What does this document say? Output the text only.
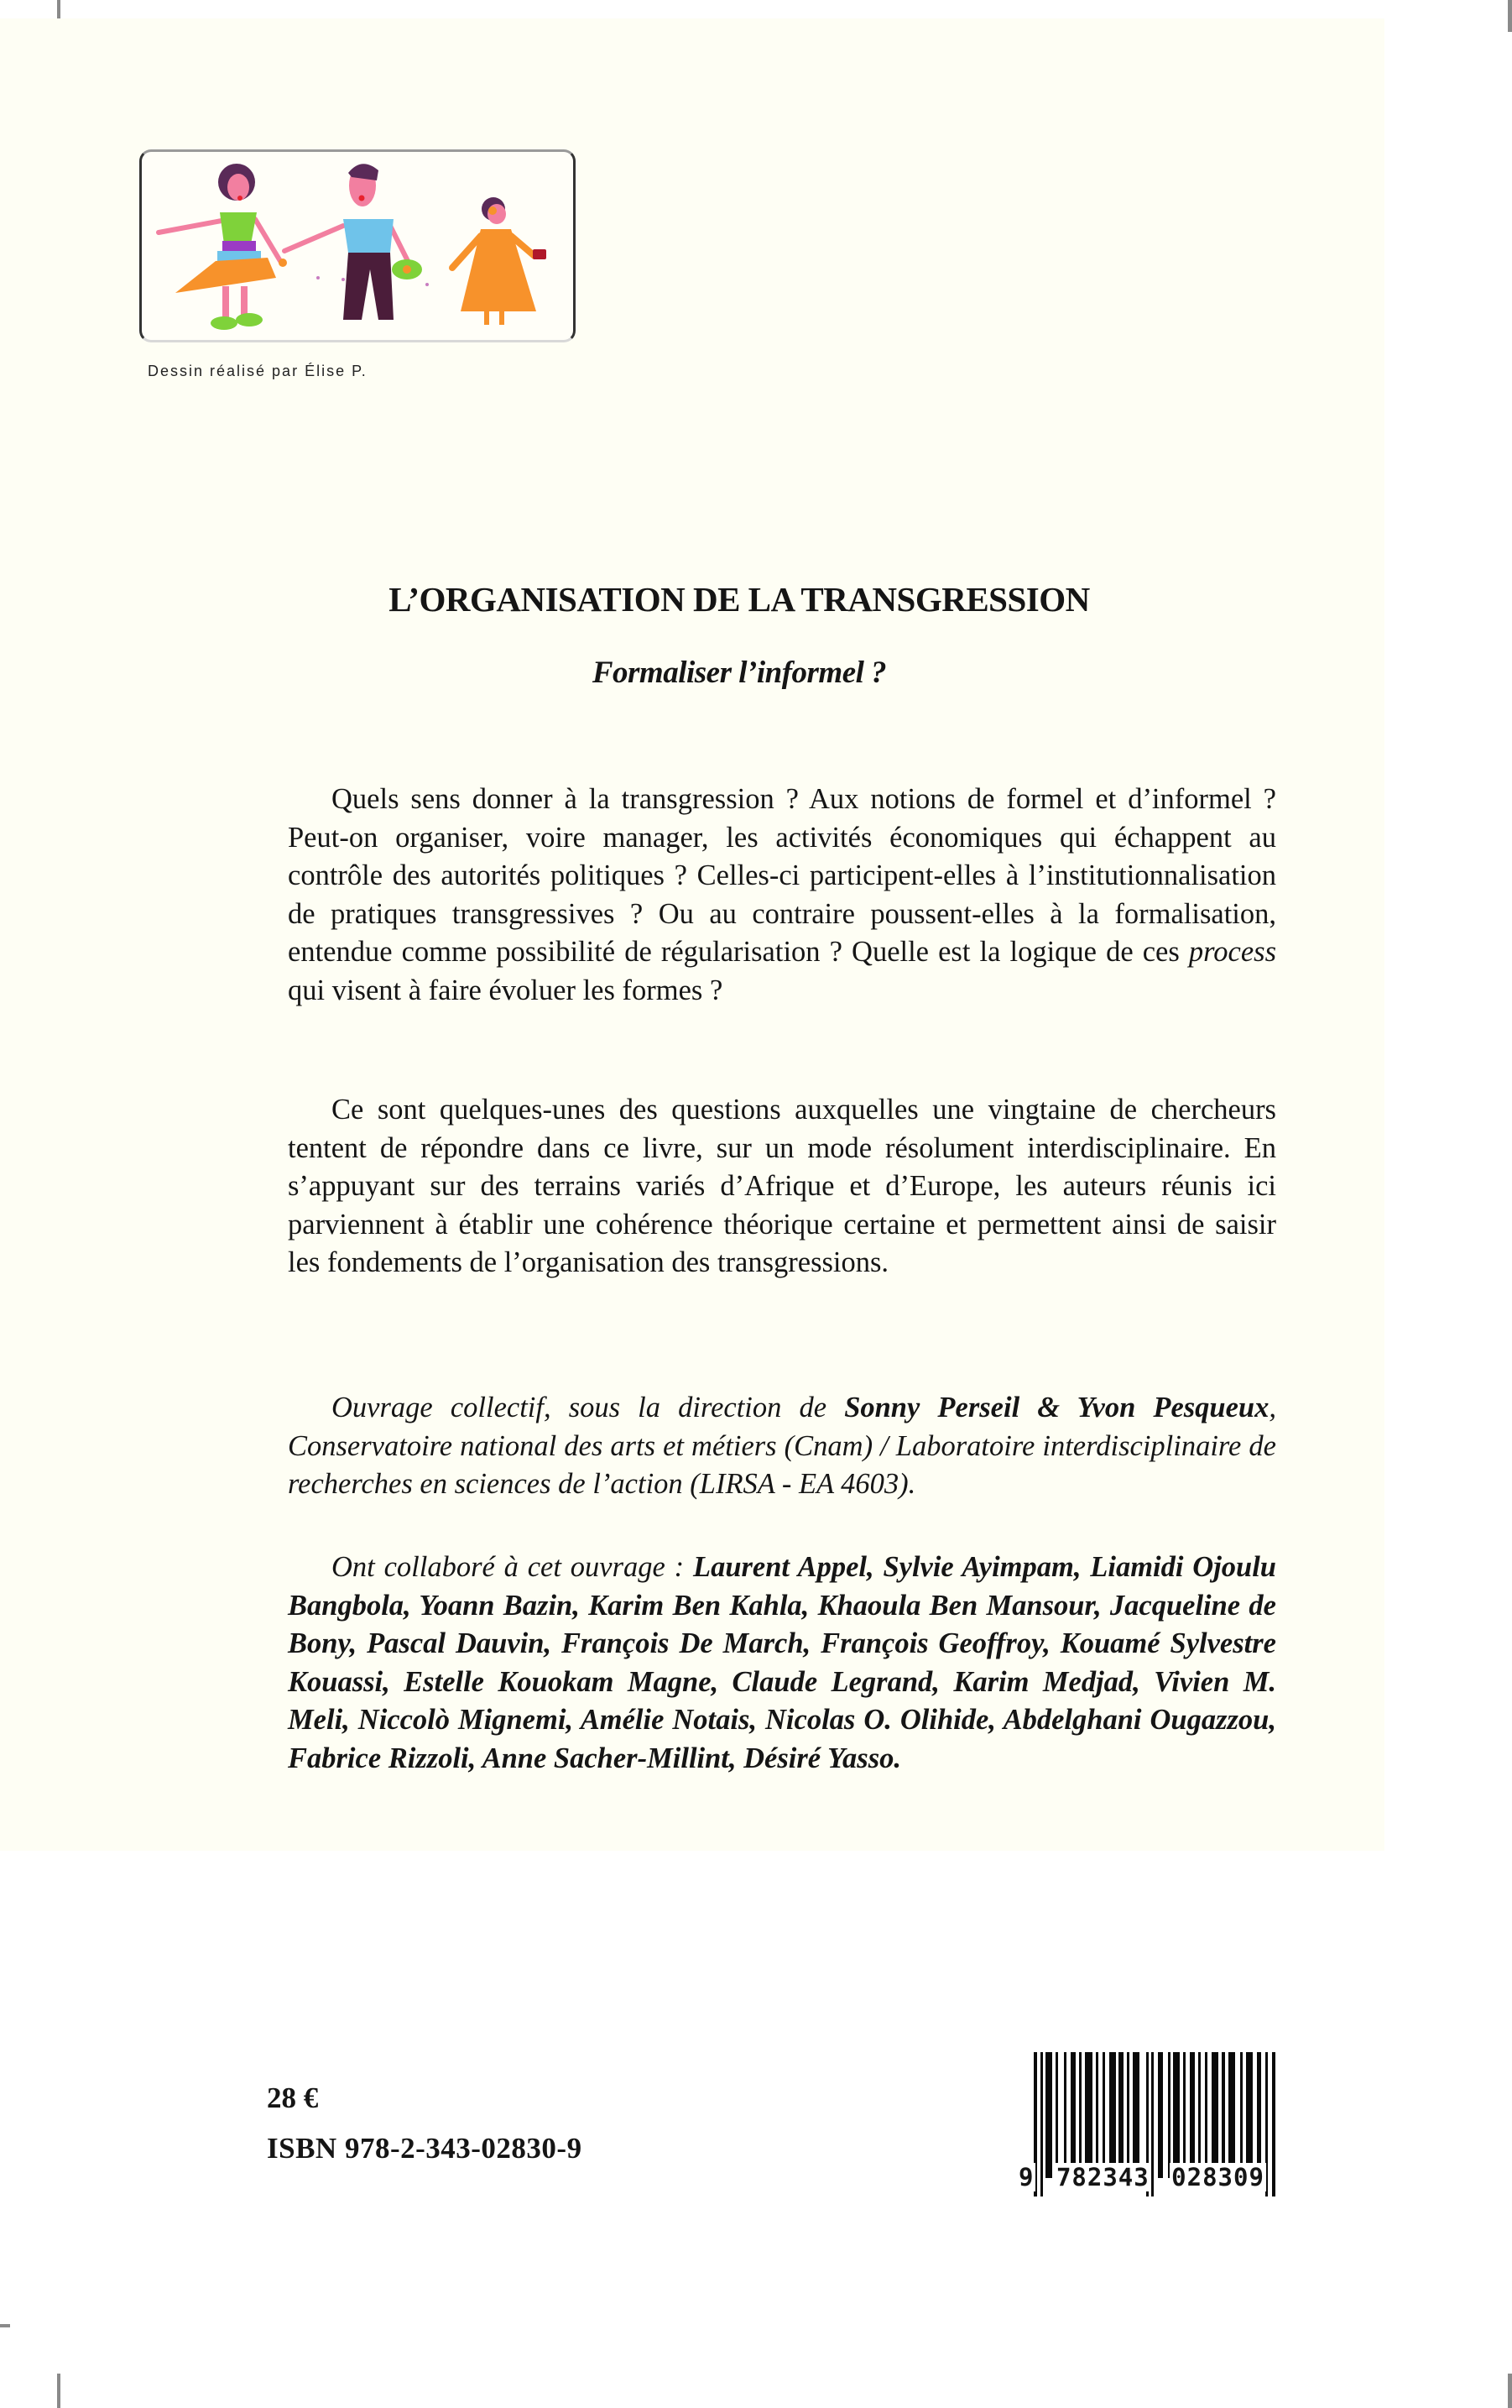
Dessin réalisé par Élise P.
L’ORGANISATION DE LA TRANSGRESSION
Formaliser l’informel ?

Quels sens donner à la transgression ? Aux notions de formel et d’informel ? Peut-on organiser, voire manager, les activités économiques qui échappent au contrôle des autorités politiques ? Celles-ci participent-elles à l’institutionnalisation de pratiques transgressives ? Ou au contraire poussent-elles à la formalisation, entendue comme possibilité de régularisation ? Quelle est la logique de ces process qui visent à faire évoluer les formes ?

Ce sont quelques-unes des questions auxquelles une vingtaine de chercheurs tentent de répondre dans ce livre, sur un mode résolument interdisciplinaire. En s’appuyant sur des terrains variés d’Afrique et d’Europe, les auteurs réunis ici parviennent à établir une cohérence théorique certaine et permettent ainsi de saisir les fondements de l’organisation des transgressions.

Ouvrage collectif, sous la direction de Sonny Perseil & Yvon Pesqueux, Conservatoire national des arts et métiers (Cnam) / Laboratoire interdisciplinaire de recherches en sciences de l’action (LIRSA - EA 4603).

Ont collaboré à cet ouvrage : Laurent Appel, Sylvie Ayimpam, Liamidi Ojoulu Bangbola, Yoann Bazin, Karim Ben Kahla, Khaoula Ben Mansour, Jacqueline de Bony, Pascal Dauvin, François De March, François Geoffroy, Kouamé Sylvestre Kouassi, Estelle Kouokam Magne, Claude Legrand, Karim Medjad, Vivien M. Meli, Niccolò Mignemi, Amélie Notais, Nicolas O. Olihide, Abdelghani Ougazzou, Fabrice Rizzoli, Anne Sacher-Millint, Désiré Yasso.

28 €
ISBN 978-2-343-02830-9
9 782343 028309
